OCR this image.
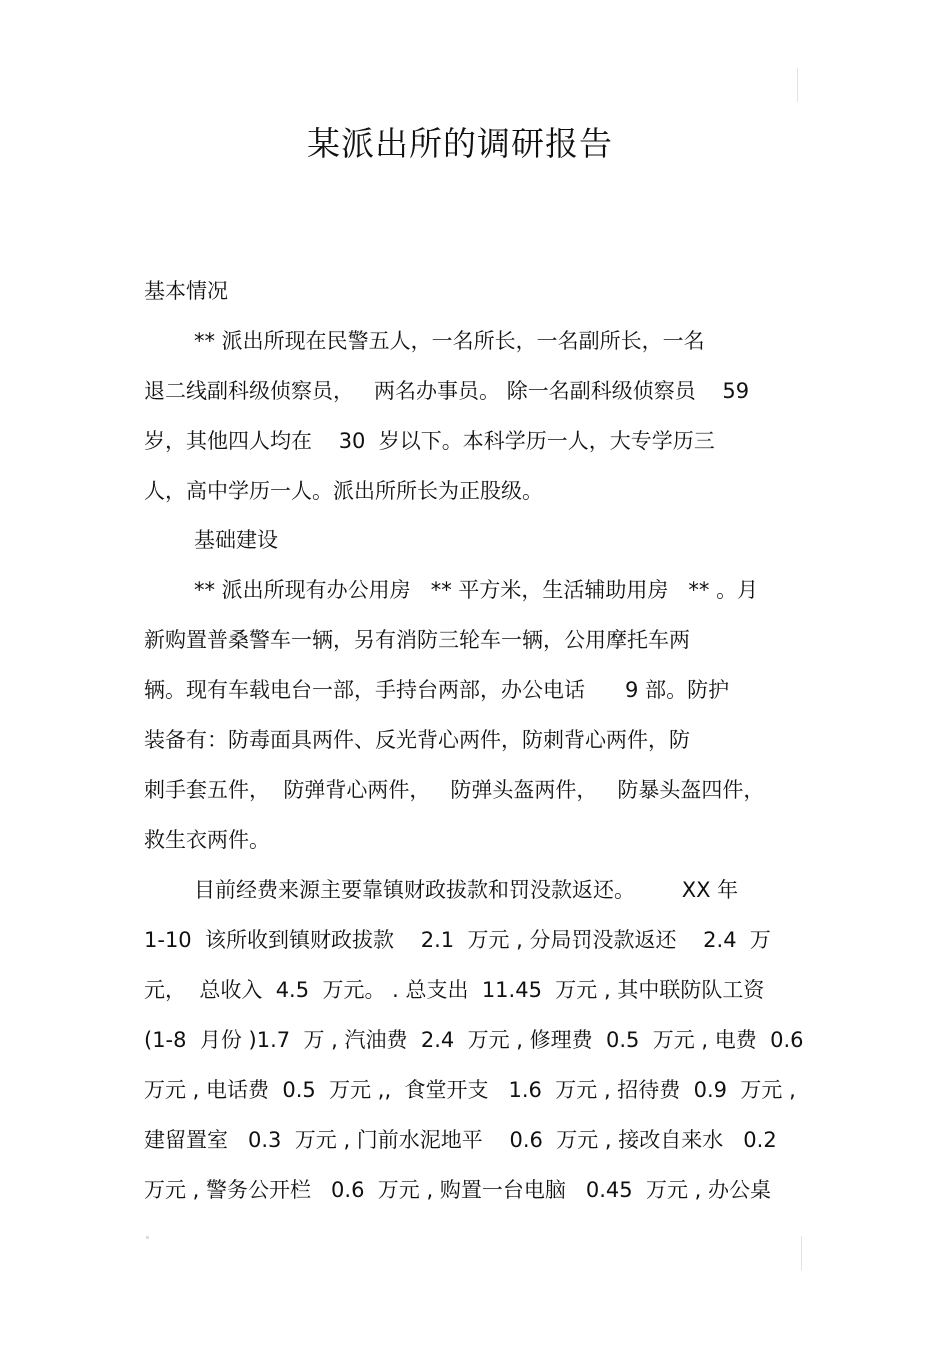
某派出所的调研报告
基本情况
** 派出所现在民警五人，一名所长，一名副所长，一名
退二线副科级侦察员，   两名办事员。 除一名副科级侦察员    59
岁，其他四人均在    30  岁以下。本科学历一人，大专学历三
人，高中学历一人。派出所所长为正股级。
基础建设
** 派出所现有办公用房   ** 平方米，生活辅助用房   ** 。月
新购置普桑警车一辆，另有消防三轮车一辆，公用摩托车两
辆。现有车载电台一部，手持台两部，办公电话      9 部。防护
装备有：防毒面具两件、反光背心两件，防刺背心两件，防
刺手套五件，  防弹背心两件，   防弹头盔两件，   防暴头盔四件，
救生衣两件。
目前经费来源主要靠镇财政拔款和罚没款返还。       XX 年
1-10  该所收到镇财政拔款    2.1  万元 , 分局罚没款返还    2.4  万
元，  总收入  4.5  万元。 . 总支出  11.45  万元 , 其中联防队工资
(1-8  月份 )1.7  万 , 汽油费  2.4  万元 , 修理费  0.5  万元 , 电费  0.6
万元 , 电话费  0.5  万元 ,,  食堂开支   1.6  万元 , 招待费  0.9  万元 ,
建留置室   0.3  万元 , 门前水泥地平    0.6  万元 , 接改自来水   0.2
万元 , 警务公开栏   0.6  万元 , 购置一台电脑   0.45  万元 , 办公桌
